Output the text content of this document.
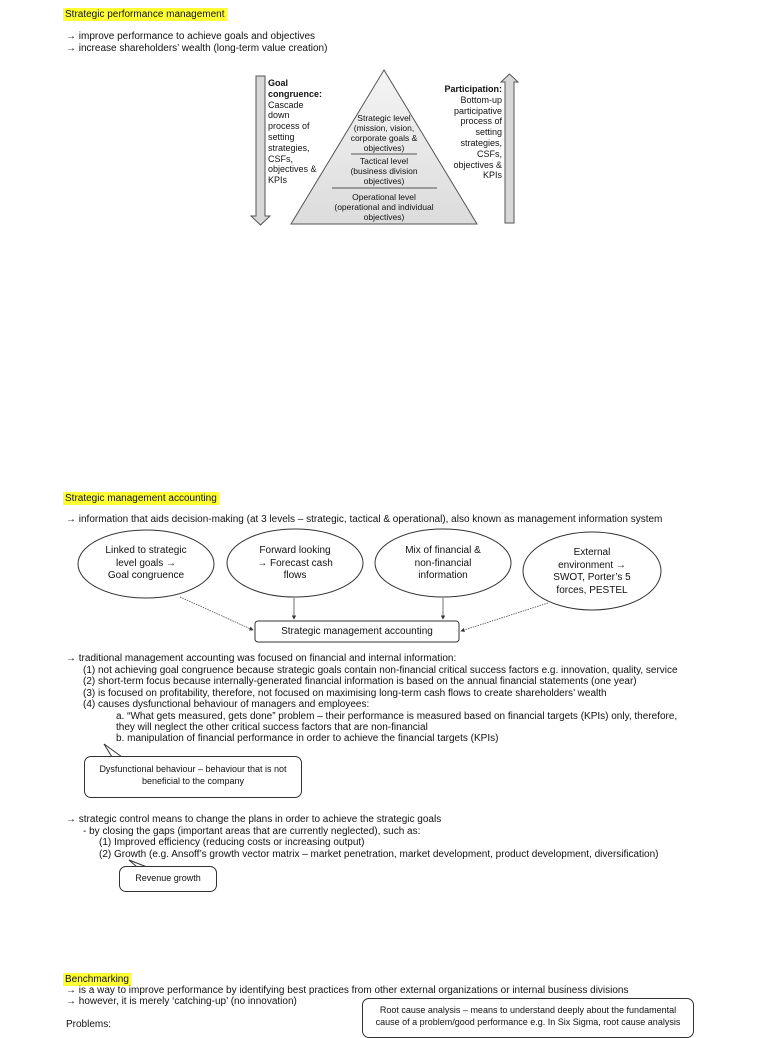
Strategic performance management
→ improve performance to achieve goals and objectives
→ increase shareholders’ wealth (long-term value creation)
Goal congruence:
Cascade
down
process of
setting
strategies,
CSFs,
objectives &
KPIs
Participation:
Bottom-up
participative
process of
setting
strategies,
CSFs,
objectives &
KPIs
Strategic level
(mission, vision,
corporate goals &
objectives)
Tactical level
(business division
objectives)
Operational level
(operational and individual
objectives)
Strategic management accounting
→ information that aids decision-making (at 3 levels – strategic, tactical & operational), also known as management information system
Linked to strategic
level goals →
Goal congruence
Forward looking
→ Forecast cash
flows
Mix of financial &
non-financial
information
External
environment →
SWOT, Porter’s 5
forces, PESTEL
Strategic management accounting
→ traditional management accounting was focused on financial and internal information:
(1) not achieving goal congruence because strategic goals contain non-financial critical success factors e.g. innovation, quality, service
(2) short-term focus because internally-generated financial information is based on the annual financial statements (one year)
(3) is focused on profitability, therefore, not focused on maximising long-term cash flows to create shareholders’ wealth
(4) causes dysfunctional behaviour of managers and employees:
a. “What gets measured, gets done” problem – their performance is measured based on financial targets (KPIs) only, therefore,
they will neglect the other critical success factors that are non-financial
b. manipulation of financial performance in order to achieve the financial targets (KPIs)
Dysfunctional behaviour – behaviour that is not
beneficial to the company
→ strategic control means to change the plans in order to achieve the strategic goals
- by closing the gaps (important areas that are currently neglected), such as:
(1) Improved efficiency (reducing costs or increasing output)
(2) Growth (e.g. Ansoff’s growth vector matrix – market penetration, market development, product development, diversification)
Revenue growth
Benchmarking
→ is a way to improve performance by identifying best practices from other external organizations or internal business divisions
→ however, it is merely ‘catching-up’ (no innovation)
Problems:
Root cause analysis – means to understand deeply about the fundamental
cause of a problem/good performance e.g. In Six Sigma, root cause analysis
